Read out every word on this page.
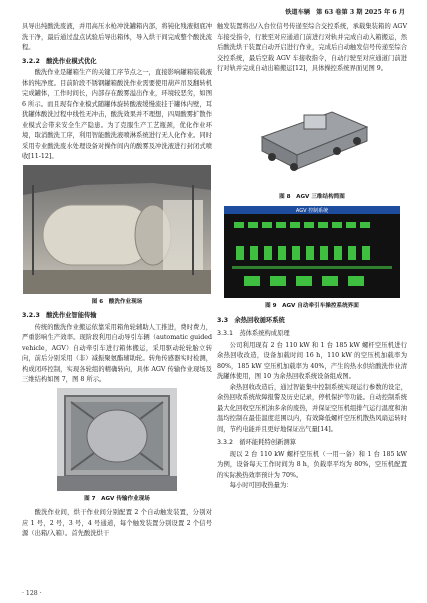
铁道车辆　第 63 卷第 3 期 2025 年 6 月

具导出纯酸洗废液，并用高压水枪冲洗罐箱内部，将钝化残液彻底冲洗干净，最后通过盘点试验后导出箱体，导入烘干间完成整个酸洗流程。

3.2.2　酸洗作业模式优化

酸洗作业是罐箱生产的关键工序节点之一，直接影响罐箱装载液体的纯净度。目前阶段不锈钢罐箱酸洗作业需要使用葫芦吊及翻转机完成罐体，工作时间长，内部存在酸雾溢出作业，环境较恶劣，如图 6 所示。而且现有作业模式随罐体旋转酸液缓慢流挂于罐体内壁，耳犹罐体酸洗过程中线性无冲击，酸洗效果并不理想，四周酸雾扩散作业模式会带来安全生产隐患。为了克服生产工艺瓶颈，优化作业环境，取消酸洗工序，利用智能酸洗液喷淋系统进行无人化作业。同时采用专业酸洗废水处理设备对操作间内的酸雾及冲洗液进行封闭式喷收[11-12]。

图 6　酸洗作业现场
3.2.3　酸洗作业智能传输

传统的酸洗作业搬运依靠采用箱角轮辅助人工推进，费时费力，严重影响生产效率。现阶段利用自动导引车辆（automatic guided vehicle，AGV）自动牵引车进行箱体搬运，采用驱动轮轮胎立转向，前后分别采用（非）减振聚氨酯辅助轮。转角传感器实时检测，构成闭环控制，实现各轮组的精确转向，具体 AGV 传输作业现场及三维结构如图 7，图 8 所示。

图 7　AGV 传输作业现场

酸洗作业间，烘干作业间分别配置 2 个自动触发装置，分别对应 1 号，2 号，3 号，4 号通道，每个触发装置分别设置 2 个信号源（出箱/入箱）。首先酸洗烘干

触发装置将出/入台位信号传递至综合交控系统，承载集装箱的 AGV 车接受指令，行驶至对应通道门前进行对轨并完成自动入箱搬运，然后酸洗烘干装置自动开启进行作业，完成后自动触发信号传递至综合交控系统，最后空载 AGV 车接收指令，自动行驶至对应通道门前进行对轨并完成自动出箱搬运[12]，具体操控系统界面见图 9。

图 8　AGV 三维结构简图
AGV 控制系统
图 9　AGV 自动牵引车操控系统界面
3.3　余热回收循环系统
3.3.1　蒸体系统构成原理

公司利用现有 2 台 110 kW 和 1 台 185 kW 螺杆空压机进行余热回收改造，设备加载时间 16 h，110 kW 的空压机加载率为 80%，185 kW 空压机加载率为 40%，产生的热水供给酸洗作业清洗罐体使用，图 10 为余热回收系统设备组成图。

余热回收改造后，通过智能集中控制系统实现运行参数的设定，余热回收系统故障报警及历史记录，停机保护等功能。自动控制系统最大化回收空压机油多余的废热，并保证空压机组排气运行温度和油温均控制在最佳温度范围以内，有效降低螺杆空压机散热风扇运转时间，节约电能并且更好地保证出气量[14]。

3.3.2　循环能耗特创新测算

现以 2 台 110 kW 螺杆空压机（一用一备）和 1 台 185 kW 为例，设备每天工作时间为 8 h，负载率平均为 80%，空压机配置的实际换热效率预计为 70%。

每小时可回收热量为：

· 128 ·
